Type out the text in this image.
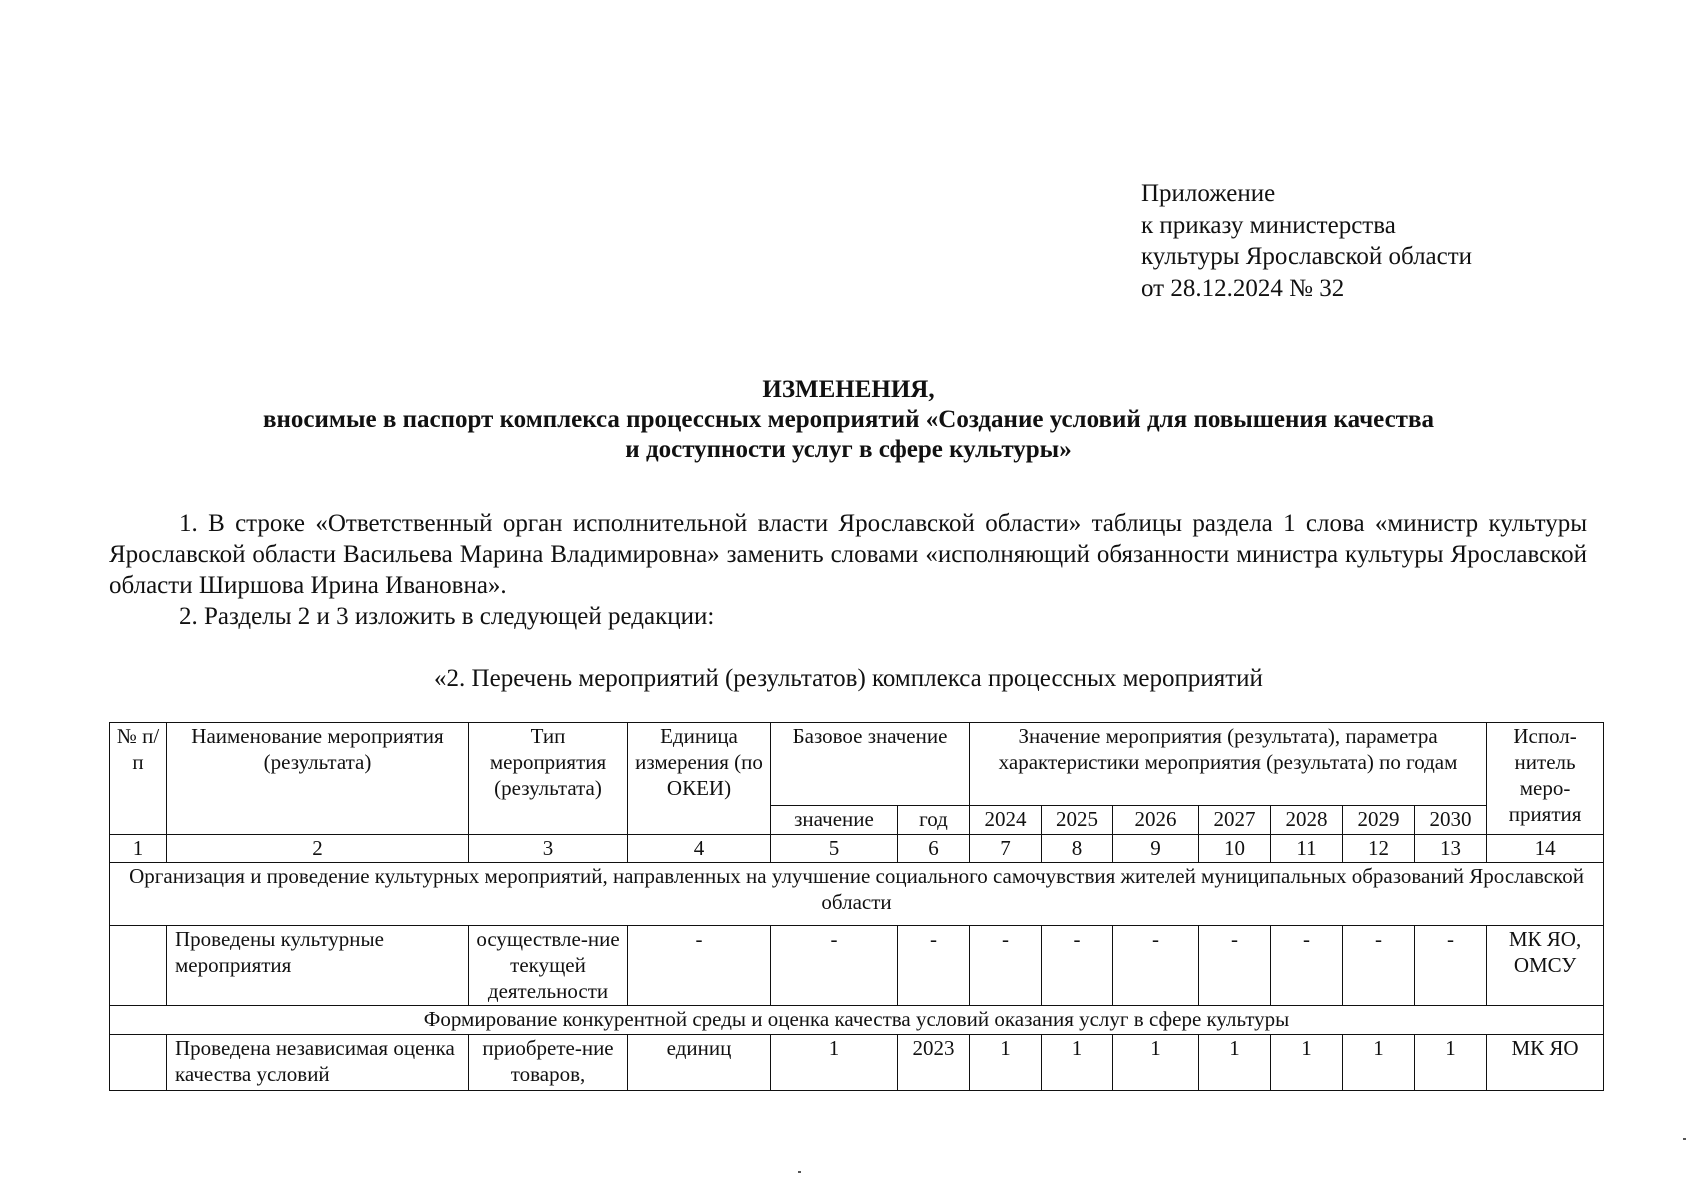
Приложение
к приказу министерства
культуры Ярославской области
от 28.12.2024 № 32
ИЗМЕНЕНИЯ,
вносимые в паспорт комплекса процессных мероприятий «Создание условий для повышения качества
и доступности услуг в сфере культуры»

1. В строке «Ответственный орган исполнительной власти Ярославской области» таблицы раздела 1 слова «министр культуры Ярославской области Васильева Марина Владимировна» заменить словами «исполняющий обязанности министра культуры Ярославской области Ширшова Ирина Ивановна».

2. Разделы 2 и 3 изложить в следующей редакции:

«2. Перечень мероприятий (результатов) комплекса процессных мероприятий
№ п/п	Наименование мероприятия (результата)	Тип мероприятия (результата)	Единица измерения (по ОКЕИ)	Базовое значение		Значение мероприятия (результата), параметра характеристики мероприятия (результата) по годам							Испол-нитель меро-приятия
				значение	год	2024	2025	2026	2027	2028	2029	2030	
1	2	3	4	5	6	7	8	9	10	11	12	13	14
Организация и проведение культурных мероприятий, направленных на улучшение социального самочувствия жителей муниципальных образований Ярославской области													
	Проведены культурные мероприятия	осуществле-ние текущей деятельности	-	-	-	-	-	-	-	-	-	-	МК ЯО, ОМСУ
Формирование конкурентной среды и оценка качества условий оказания услуг в сфере культуры													
	Проведена независимая оценка качества условий	приобрете-ние товаров,	единиц	1	2023	1	1	1	1	1	1	1	МК ЯО
